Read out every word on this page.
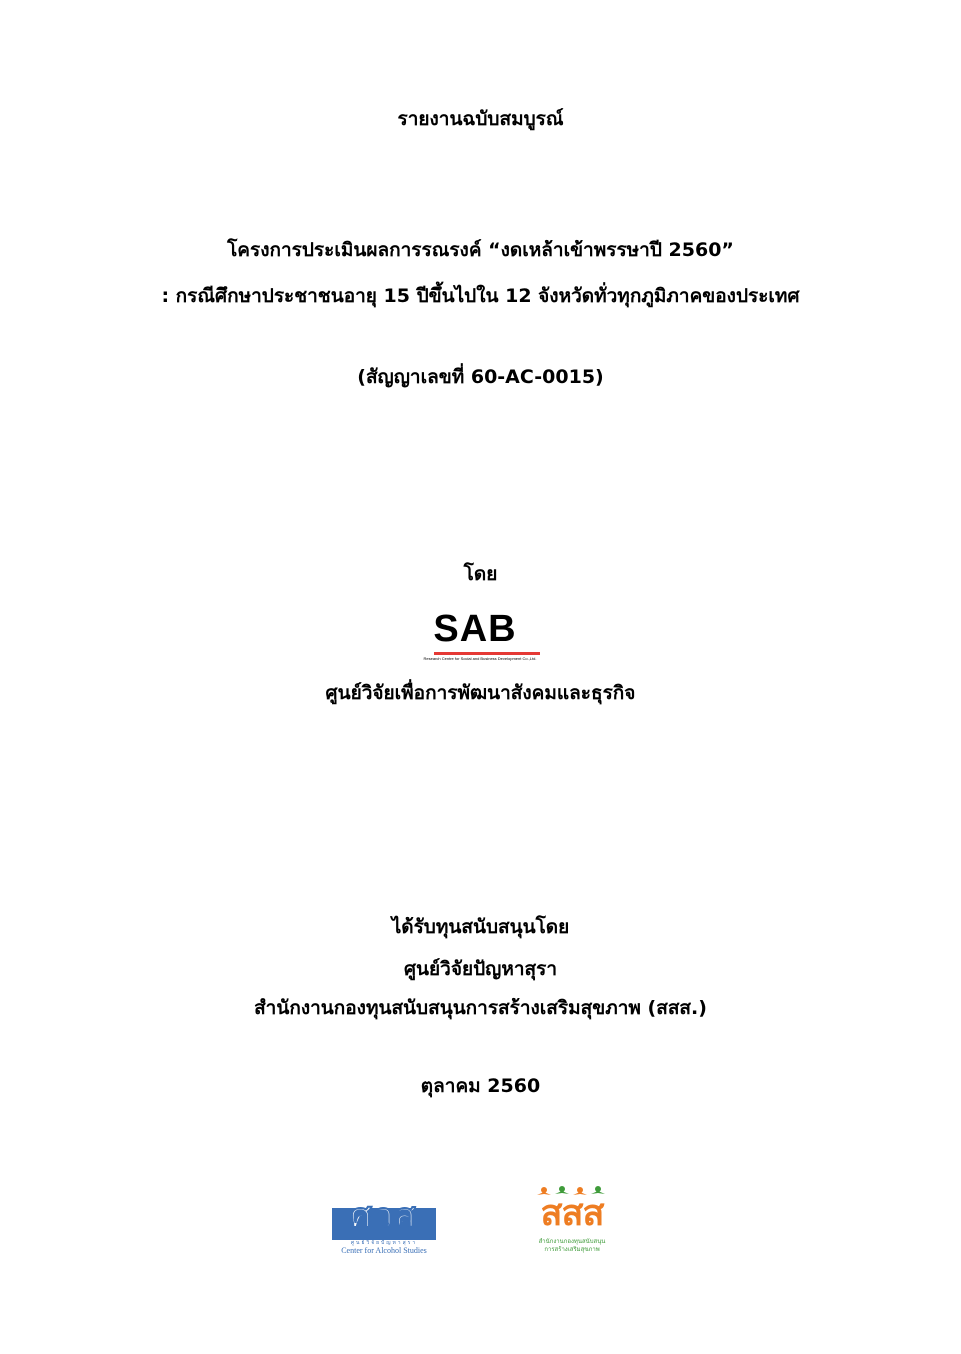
รายงานฉบับสมบูรณ์
โครงการประเมินผลการรณรงค์ “งดเหล้าเข้าพรรษาปี 2560”
: กรณีศึกษาประชาชนอายุ 15 ปีขึ้นไปใน 12 จังหวัดทั่วทุกภูมิภาคของประเทศ
(สัญญาเลขที่ 60-AC-0015)
โดย
SAB
Research Centre for Social and Business Development Co.,Ltd.
ศูนย์วิจัยเพื่อการพัฒนาสังคมและธุรกิจ
ได้รับทุนสนับสนุนโดย
ศูนย์วิจัยปัญหาสุรา
สำนักงานกองทุนสนับสนุนการสร้างเสริมสุขภาพ (สสส.)
ตุลาคม 2560
ศวส
ศูนย์วิจัยปัญหาสุรา
Center for Alcohol Studies
สสส
สำนักงานกองทุนสนับสนุน
การสร้างเสริมสุขภาพ
